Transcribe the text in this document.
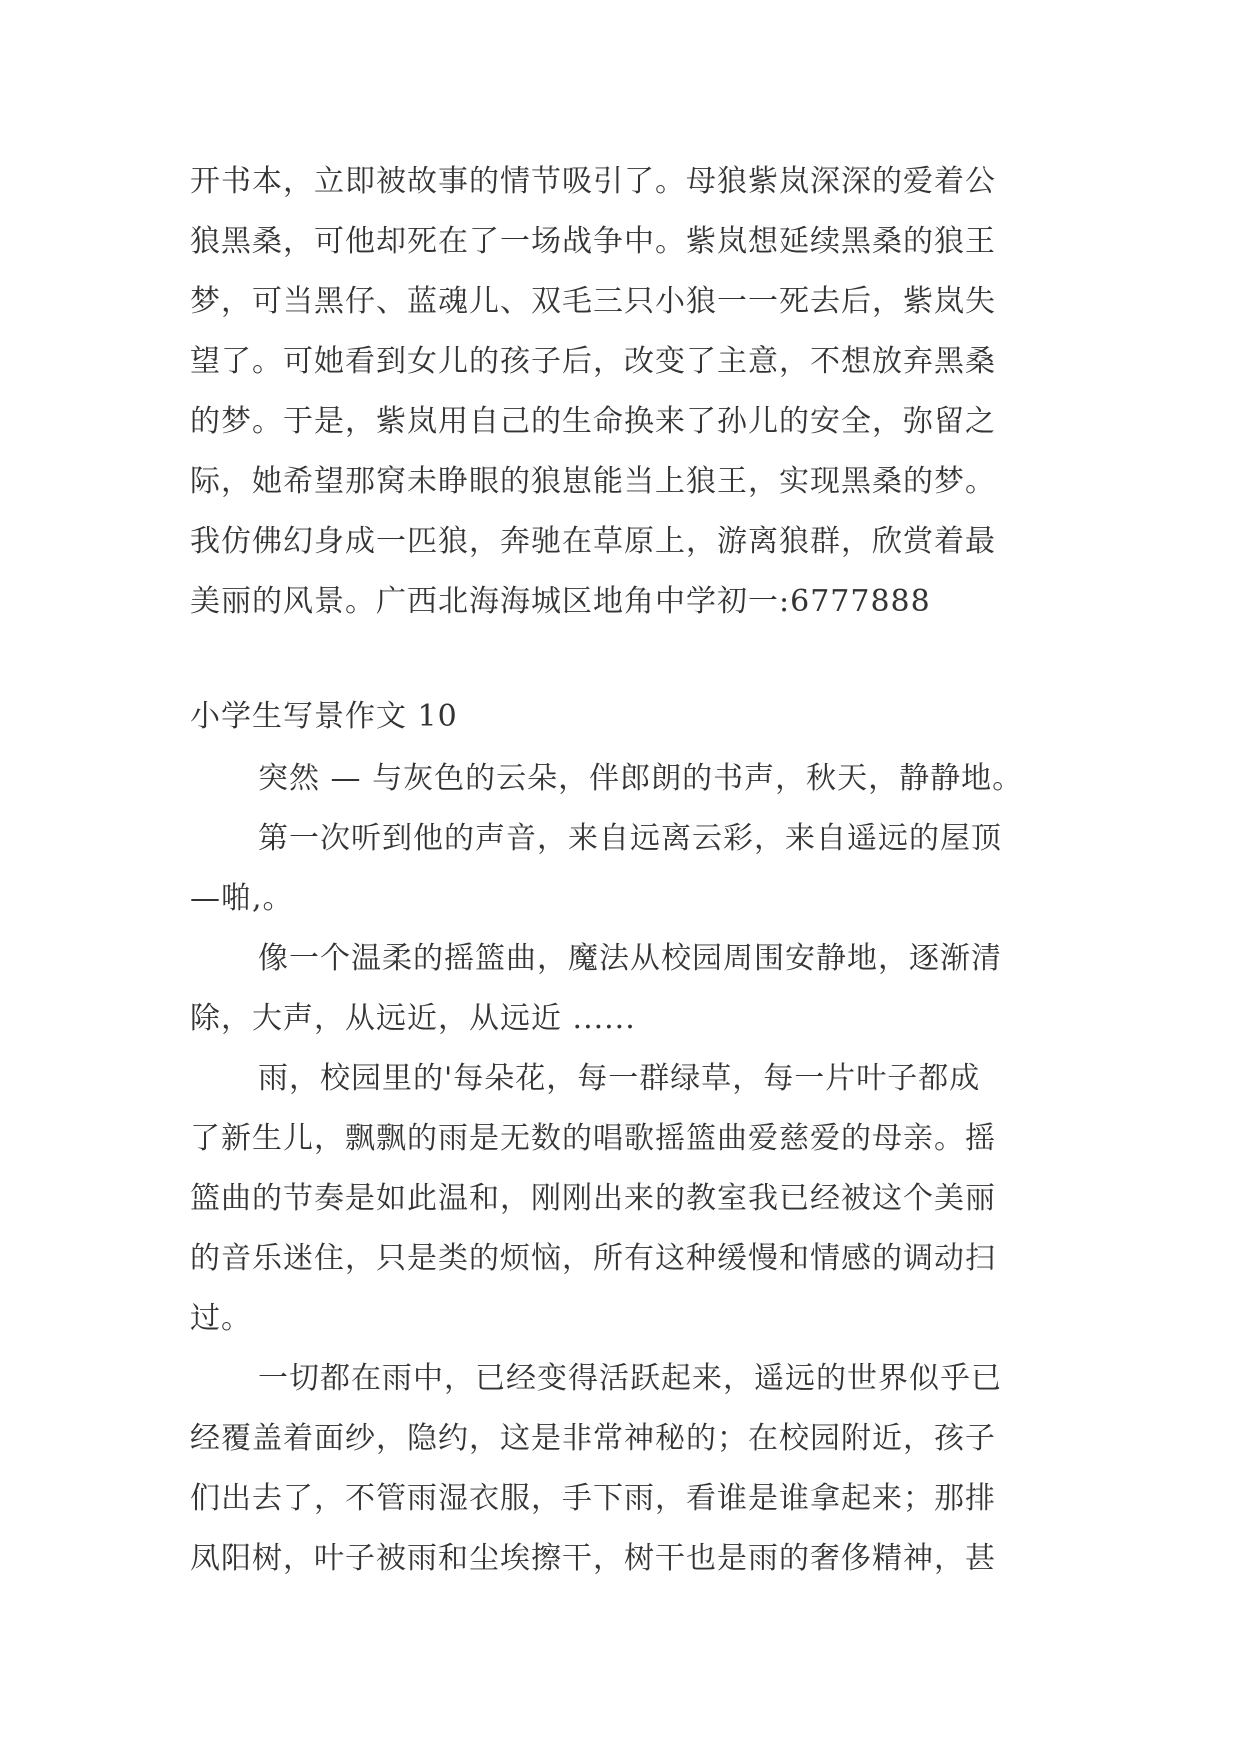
开书本，立即被故事的情节吸引了。母狼紫岚深深的爱着公
狼黑桑，可他却死在了一场战争中。紫岚想延续黑桑的狼王
梦，可当黑仔、蓝魂儿、双毛三只小狼一一死去后，紫岚失
望了。可她看到女儿的孩子后，改变了主意，不想放弃黑桑
的梦。于是，紫岚用自己的生命换来了孙儿的安全，弥留之
际，她希望那窝未睁眼的狼崽能当上狼王，实现黑桑的梦。
我仿佛幻身成一匹狼，奔驰在草原上，游离狼群，欣赏着最
美丽的风景。广西北海海城区地角中学初一:6777888
小学生写景作文 10
突然 — 与灰色的云朵，伴郎朗的书声，秋天，静静地。
第一次听到他的声音，来自远离云彩，来自遥远的屋顶
—啪,。
像一个温柔的摇篮曲，魔法从校园周围安静地，逐渐清
除，大声，从远近，从远近 ......
雨，校园里的'每朵花，每一群绿草，每一片叶子都成
了新生儿，飘飘的雨是无数的唱歌摇篮曲爱慈爱的母亲。摇
篮曲的节奏是如此温和，刚刚出来的教室我已经被这个美丽
的音乐迷住，只是类的烦恼，所有这种缓慢和情感的调动扫
过。
一切都在雨中，已经变得活跃起来，遥远的世界似乎已
经覆盖着面纱，隐约，这是非常神秘的；在校园附近，孩子
们出去了，不管雨湿衣服，手下雨，看谁是谁拿起来；那排
凤阳树，叶子被雨和尘埃擦干，树干也是雨的奢侈精神，甚
